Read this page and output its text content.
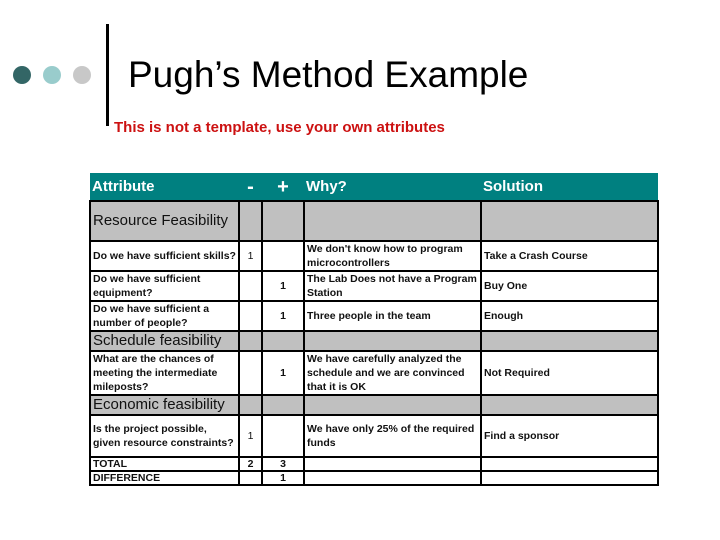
Pugh’s Method Example
This is not a template, use your own attributes
Attribute	-	+	Why?	Solution
Resource Feasibility				
Do we have sufficient skills?	1		We don't know how to program microcontrollers	Take a Crash Course
Do we have sufficient equipment?		1	The Lab Does not have a Program Station	Buy One
Do we have sufficient a number of people?		1	Three people in the team	Enough
Schedule feasibility				
What are the chances of meeting the intermediate mileposts?		1	We have carefully analyzed the schedule and we are convinced that it is OK	Not Required
Economic feasibility				
Is the project possible, given resource constraints?	1		We have only 25% of the required funds	Find a sponsor
TOTAL	2	3		
DIFFERENCE		1		
